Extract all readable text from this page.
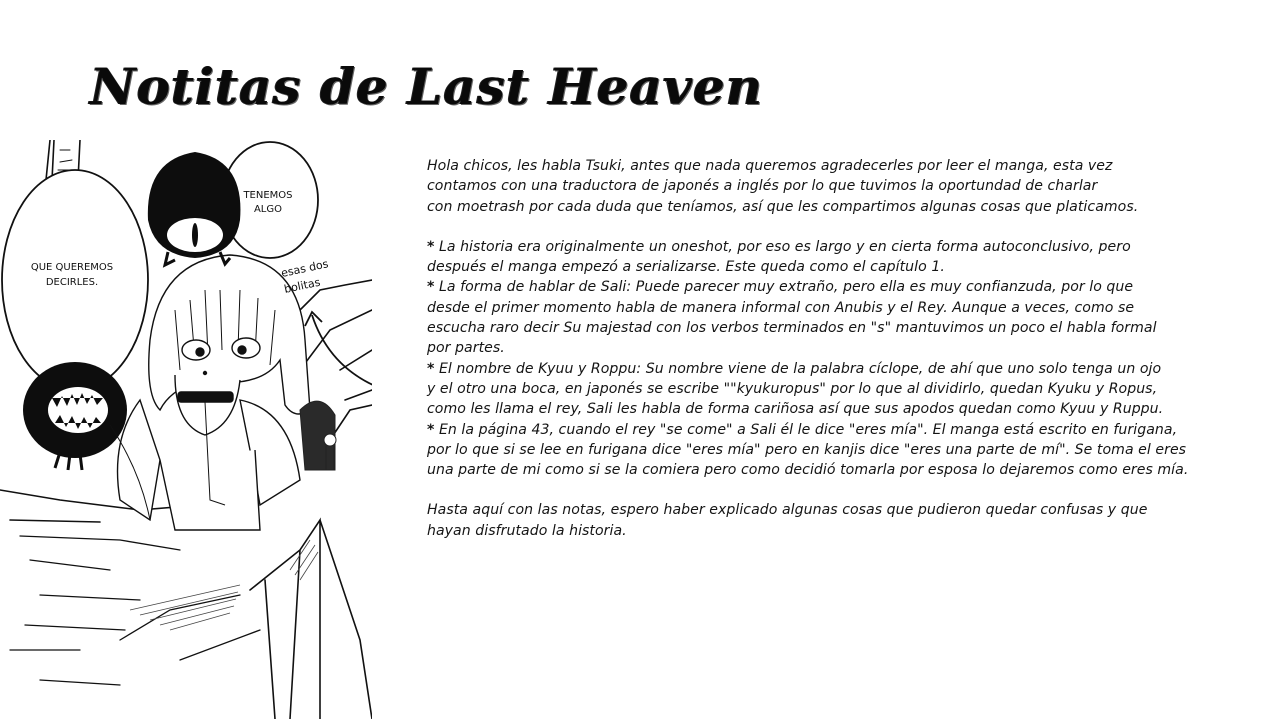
Notitas de Last Heaven
QUE QUEREMOS
DECIRLES.
TENEMOS
ALGO
esas dos
bolitas

Hola chicos, les habla Tsuki, antes que nada queremos agradecerles por leer el manga, esta vez
contamos con una traductora de japonés a inglés por lo que tuvimos la oportundad de charlar
con moetrash por cada duda que teníamos, así que les compartimos algunas cosas que platicamos.

* La historia era originalmente un oneshot, por eso es largo y en cierta forma autoconclusivo, pero
después el manga empezó a serializarse. Este queda como el capítulo 1.

* La forma de hablar de Sali: Puede parecer muy extraño, pero ella es muy confianzuda, por lo que
desde el primer momento habla de manera informal con Anubis y el Rey. Aunque a veces, como se
escucha raro decir Su majestad con los verbos terminados en "s" mantuvimos un poco el habla formal
por partes.

* El nombre de Kyuu y Roppu: Su nombre viene de la palabra cíclope, de ahí que uno solo tenga un ojo
y el otro una boca, en japonés se escribe ""kyukuropus" por lo que al dividirlo, quedan Kyuku y Ropus,
como les llama el rey, Sali les habla de forma cariñosa así que sus apodos quedan como Kyuu y Ruppu.

* En la página 43, cuando el rey "se come" a Sali él le dice "eres mía". El manga está escrito en furigana,
por lo que si se lee en furigana dice "eres mía" pero en kanjis dice "eres una parte de mí". Se toma el eres
una parte de mi como si se la comiera pero como decidió tomarla por esposa lo dejaremos como eres mía.

Hasta aquí con las notas, espero haber explicado algunas cosas que pudieron quedar confusas y que
hayan disfrutado la historia.
